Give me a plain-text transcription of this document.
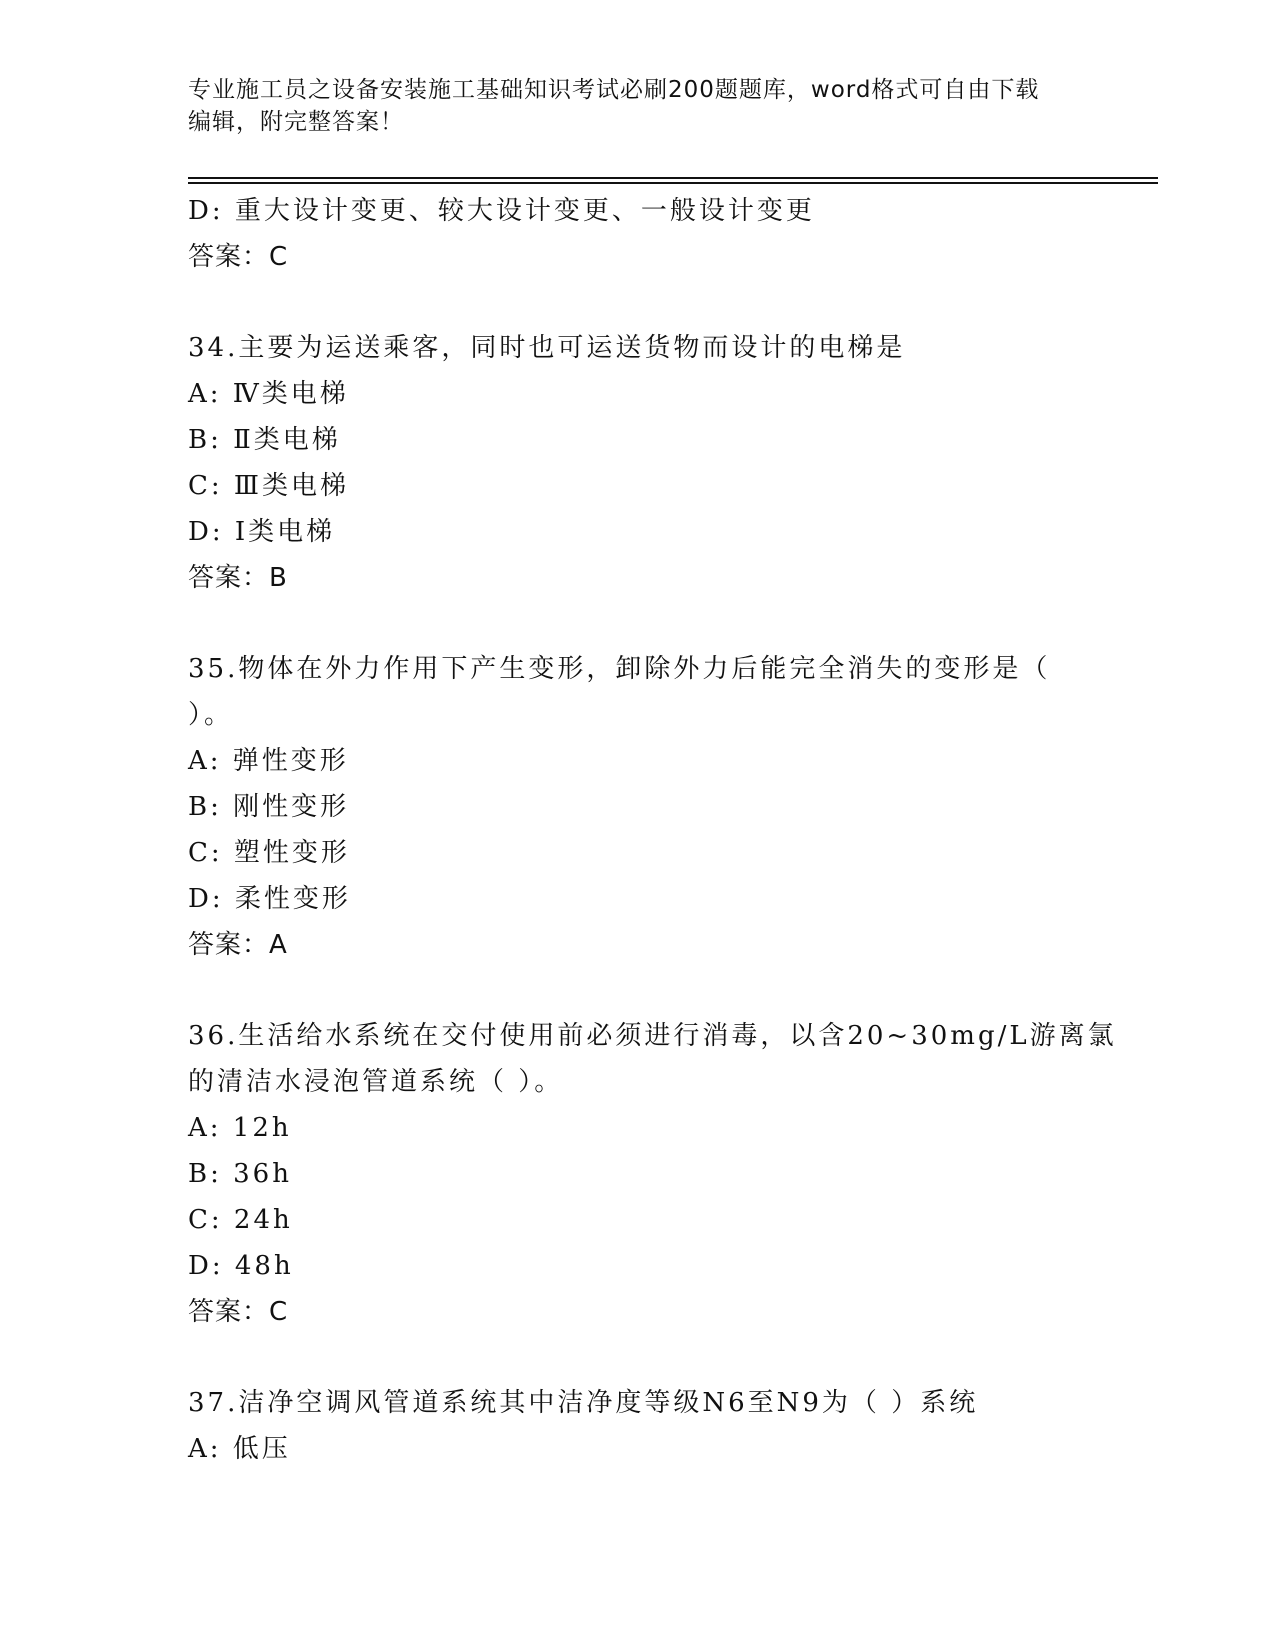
专业施工员之设备安装施工基础知识考试必刷200题题库，word格式可自由下载
编辑，附完整答案！
D: 重大设计变更、较大设计变更、一般设计变更
答案：C
34.主要为运送乘客，同时也可运送货物而设计的电梯是
A: Ⅳ类电梯
B: Ⅱ类电梯
C: Ⅲ类电梯
D: Ⅰ类电梯
答案：B
35.物体在外力作用下产生变形，卸除外力后能完全消失的变形是（
）。
A: 弹性变形
B: 刚性变形
C: 塑性变形
D: 柔性变形
答案：A
36.生活给水系统在交付使用前必须进行消毒，以含20~30mg/L游离氯
的清洁水浸泡管道系统（ ）。
A: 12h
B: 36h
C: 24h
D: 48h
答案：C
37.洁净空调风管道系统其中洁净度等级N6至N9为（ ）系统
A: 低压
